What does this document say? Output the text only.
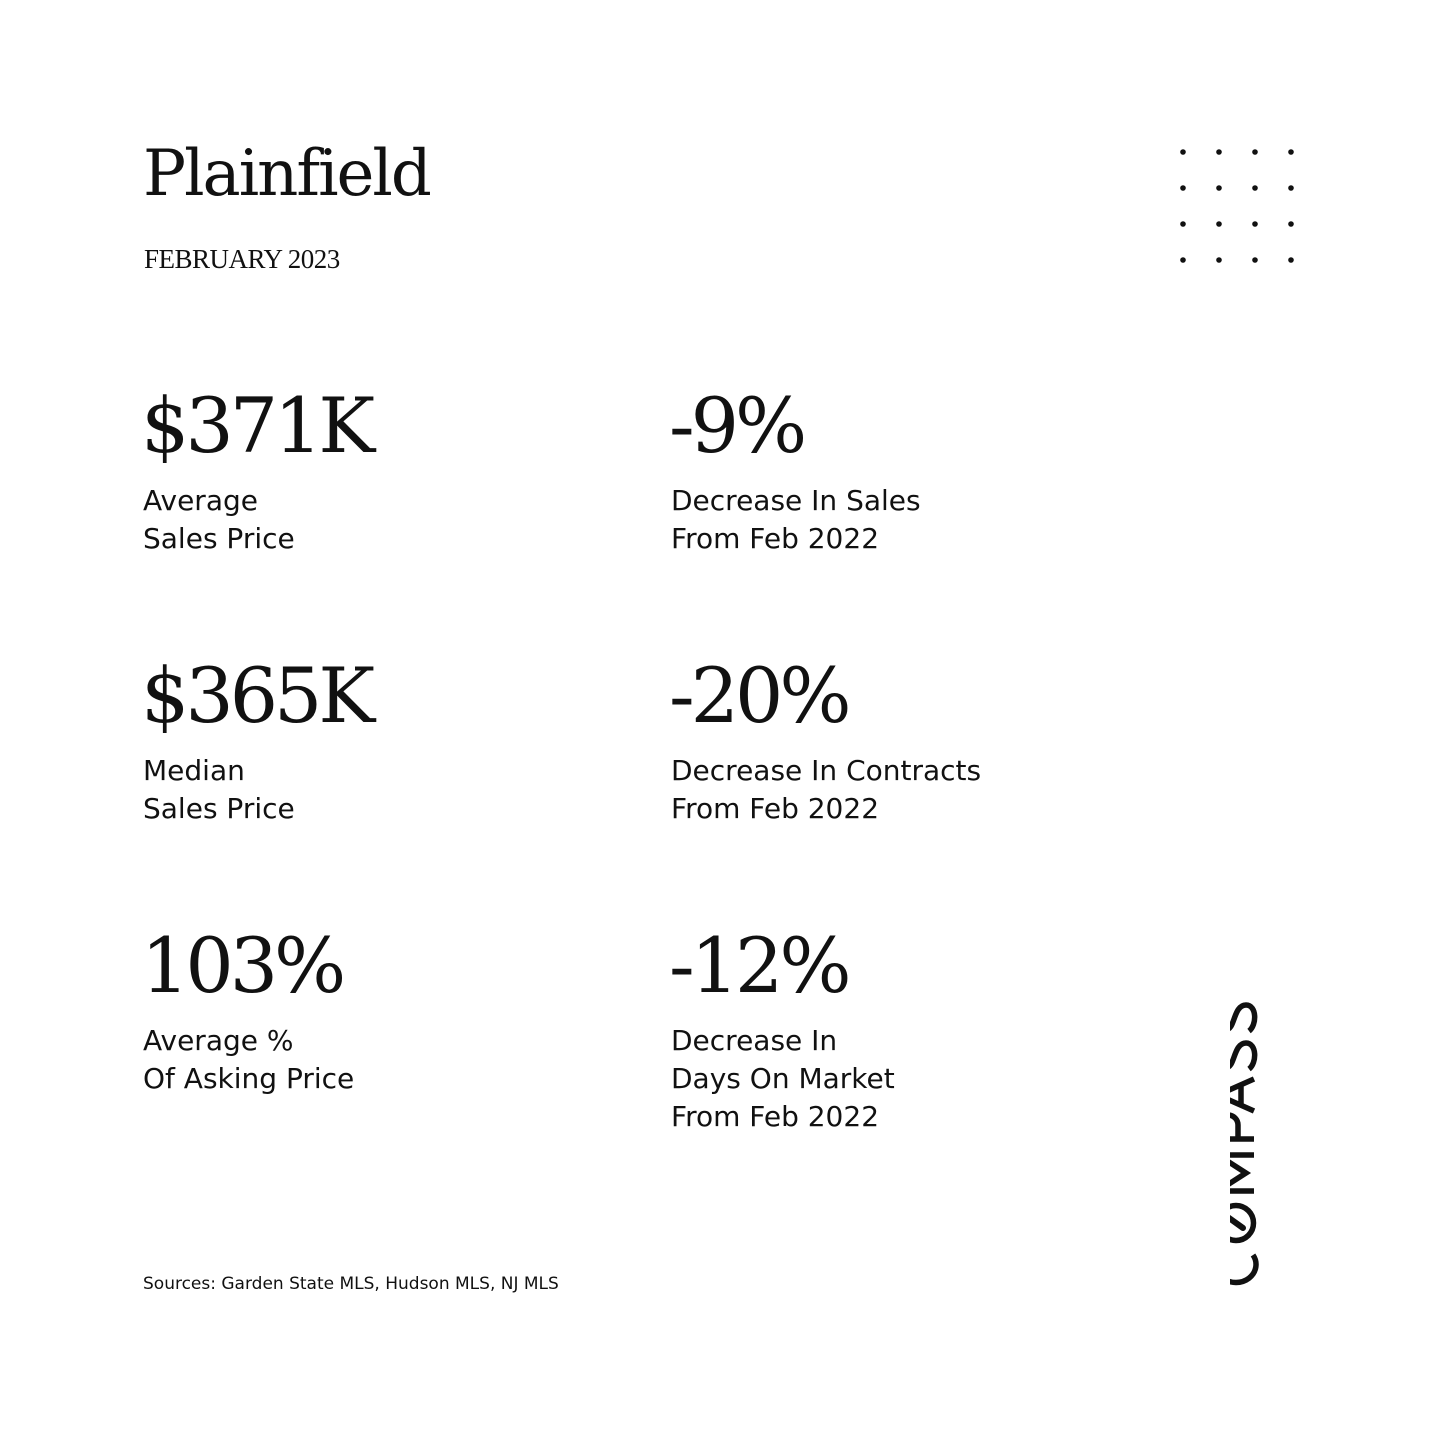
Plainfield
FEBRUARY 2023
$371K
Average
Sales Price
$365K
Median
Sales Price
103%
Average %
Of Asking Price
-9%
Decrease In Sales
From Feb 2022
-20%
Decrease In Contracts
From Feb 2022
-12%
Decrease In
Days On Market
From Feb 2022
Sources: Garden State MLS, Hudson MLS, NJ MLS
